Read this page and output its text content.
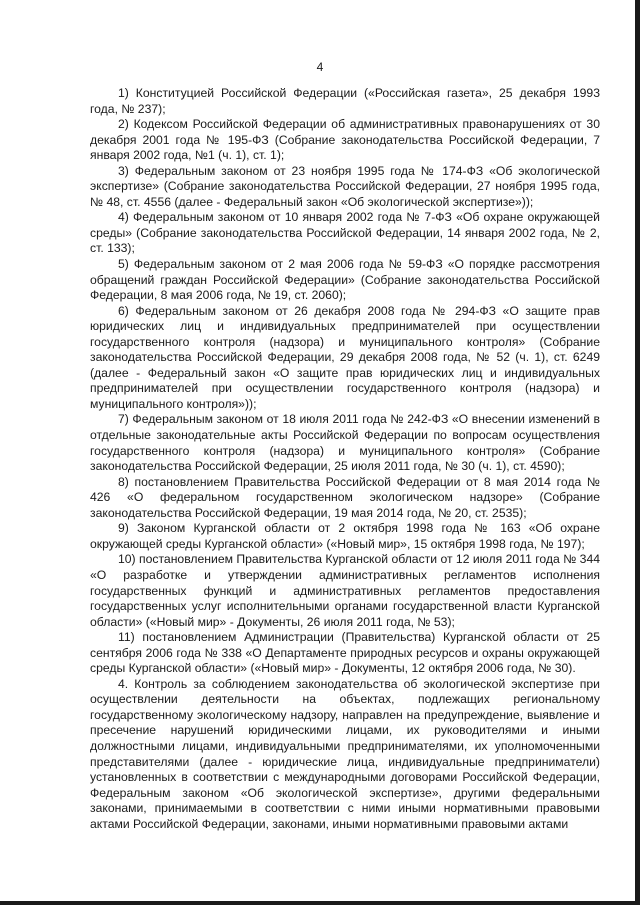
4

1) Конституцией Российской Федерации («Российская газета», 25 декабря 1993 года, № 237);

2) Кодексом Российской Федерации об административных правонарушениях от 30 декабря 2001 года № 195-ФЗ (Собрание законодательства Российской Федерации, 7 января 2002 года, №1 (ч. 1), ст. 1);

3) Федеральным законом от 23 ноября 1995 года № 174-ФЗ «Об экологической экспертизе» (Собрание законодательства Российской Федерации, 27 ноября 1995 года, № 48, ст. 4556 (далее - Федеральный закон «Об экологической экспертизе»));

4) Федеральным законом от 10 января 2002 года № 7-ФЗ «Об охране окружающей среды» (Собрание законодательства Российской Федерации, 14 января 2002 года, № 2, ст. 133);

5) Федеральным законом от 2 мая 2006 года № 59-ФЗ «О порядке рассмотрения обращений граждан Российской Федерации» (Собрание законодательства Российской Федерации, 8 мая 2006 года, № 19, ст. 2060);

6) Федеральным законом от 26 декабря 2008 года № 294-ФЗ «О защите прав юридических лиц и индивидуальных предпринимателей при осуществлении государственного контроля (надзора) и муниципального контроля» (Собрание законодательства Российской Федерации, 29 декабря 2008 года, № 52 (ч. 1), ст. 6249 (далее - Федеральный закон «О защите прав юридических лиц и индивидуальных предпринимателей при осуществлении государственного контроля (надзора) и муниципального контроля»));

7) Федеральным законом от 18 июля 2011 года № 242-ФЗ «О внесении изменений в отдельные законодательные акты Российской Федерации по вопросам осуществления государственного контроля (надзора) и муниципального контроля» (Собрание законодательства Российской Федерации, 25 июля 2011 года, № 30 (ч. 1), ст. 4590);

8) постановлением Правительства Российской Федерации от 8 мая 2014 года № 426 «О федеральном государственном экологическом надзоре» (Собрание законодательства Российской Федерации, 19 мая 2014 года, № 20, ст. 2535);

9) Законом Курганской области от 2 октября 1998 года № 163 «Об охране окружающей среды Курганской области» («Новый мир», 15 октября 1998 года, № 197);

10) постановлением Правительства Курганской области от 12 июля 2011 года № 344 «О разработке и утверждении административных регламентов исполнения государственных функций и административных регламентов предоставления государственных услуг исполнительными органами государственной власти Курганской области» («Новый мир» - Документы, 26 июля 2011 года, № 53);

11) постановлением Администрации (Правительства) Курганской области от 25 сентября 2006 года № 338 «О Департаменте природных ресурсов и охраны окружающей среды Курганской области» («Новый мир» - Документы, 12 октября 2006 года, № 30).

4. Контроль за соблюдением законодательства об экологической экспертизе при осуществлении деятельности на объектах, подлежащих региональному государственному экологическому надзору, направлен на предупреждение, выявление и пресечение нарушений юридическими лицами, их руководителями и иными должностными лицами, индивидуальными предпринимателями, их уполномоченными представителями (далее - юридические лица, индивидуальные предприниматели) установленных в соответствии с международными договорами Российской Федерации, Федеральным законом «Об экологической экспертизе», другими федеральными законами, принимаемыми в соответствии с ними иными нормативными правовыми актами Российской Федерации, законами, иными нормативными правовыми актами
